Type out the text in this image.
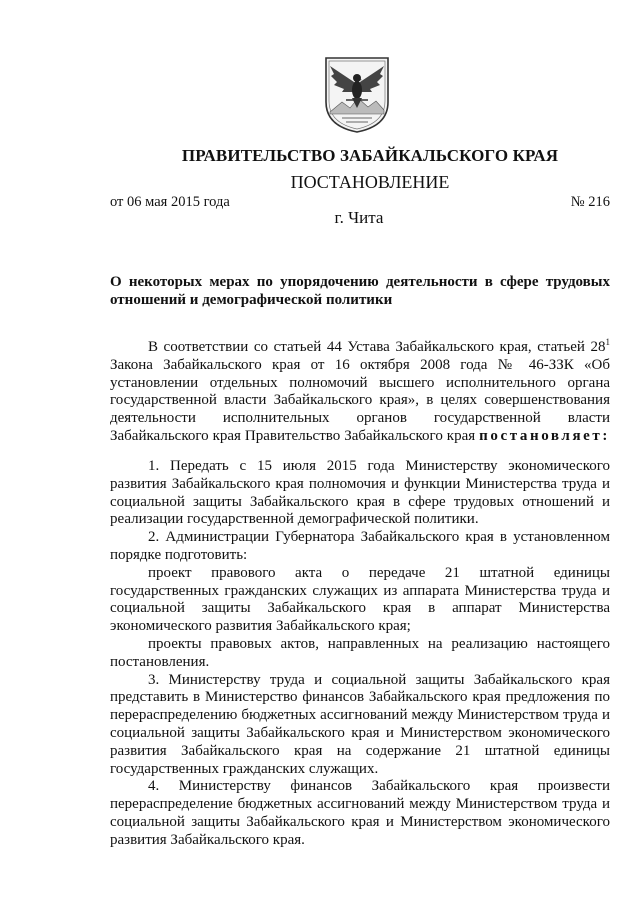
ПРАВИТЕЛЬСТВО ЗАБАЙКАЛЬСКОГО КРАЯ
ПОСТАНОВЛЕНИЕ
от 06 мая 2015 года	№ 216
г. Чита
О некоторых мерах по упорядочению деятельности в сфере трудовых
отношений и демографической политики
В соответствии со статьей 44 Устава Забайкальского края, статьей $28^1$
Закона Забайкальского края от 16 октября 2008 года № 46-ЗЗК «Об
установлении отдельных полномочий высшего исполнительного органа
государственной власти Забайкальского края», в целях совершенствования
деятельности исполнительных органов государственной власти
Забайкальского края Правительство Забайкальского края постановляет:
1. Передать с 15 июля 2015 года Министерству экономического
развития Забайкальского края полномочия и функции Министерства труда и
социальной защиты Забайкальского края в сфере трудовых отношений и
реализации государственной демографической политики.
2. Администрации Губернатора Забайкальского края в установленном
порядке подготовить:
проект правового акта о передаче 21 штатной единицы
государственных гражданских служащих из аппарата Министерства труда и
социальной защиты Забайкальского края в аппарат Министерства
экономического развития Забайкальского края;
проекты правовых актов, направленных на реализацию настоящего
постановления.
3. Министерству труда и социальной защиты Забайкальского края
представить в Министерство финансов Забайкальского края предложения по
перераспределению бюджетных ассигнований между Министерством труда и
социальной защиты Забайкальского края и Министерством экономического
развития Забайкальского края на содержание 21 штатной единицы
государственных гражданских служащих.
4. Министерству финансов Забайкальского края произвести
перераспределение бюджетных ассигнований между Министерством труда и
социальной защиты Забайкальского края и Министерством экономического
развития Забайкальского края.
